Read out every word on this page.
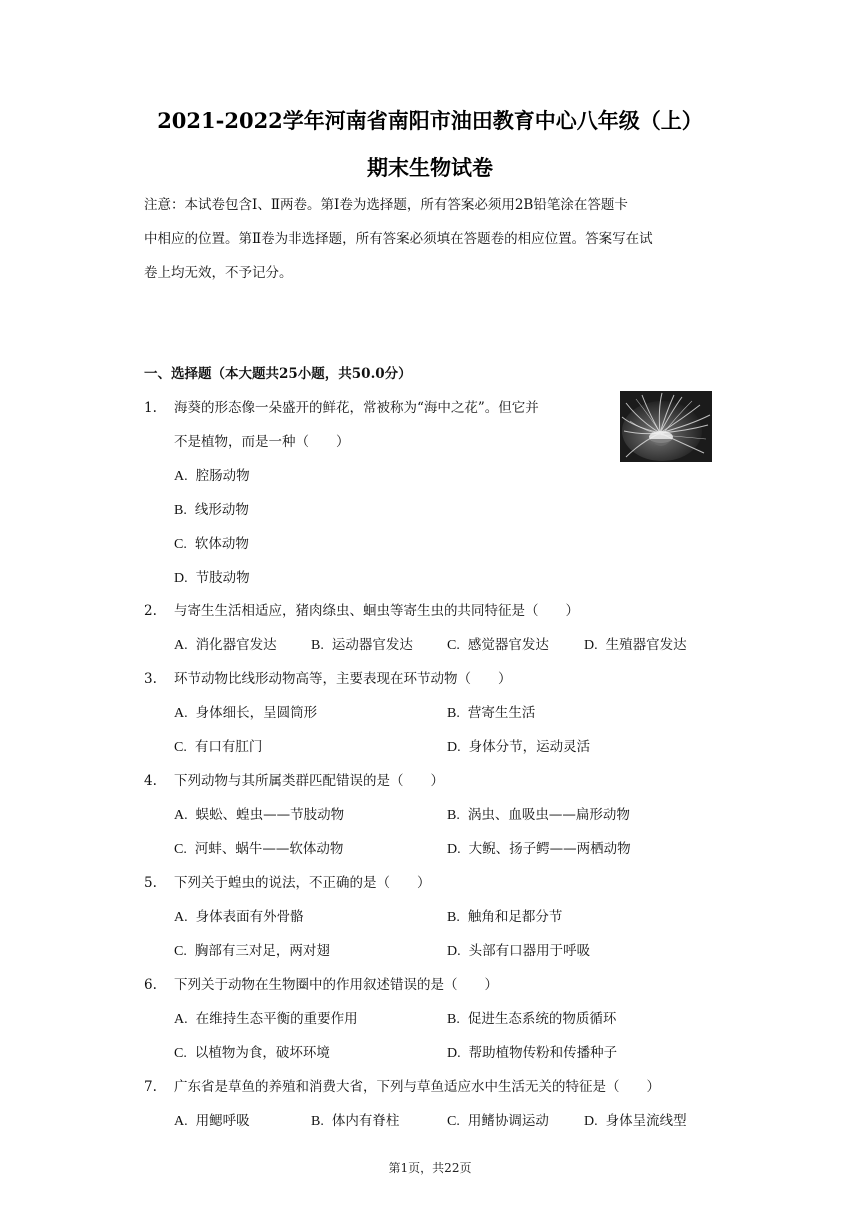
2021-2022学年河南省南阳市油田教育中心八年级（上）
期末生物试卷
注意：本试卷包含Ⅰ、Ⅱ两卷。第Ⅰ卷为选择题，所有答案必须用2B铅笔涂在答题卡
中相应的位置。第Ⅱ卷为非选择题，所有答案必须填在答题卷的相应位置。答案写在试
卷上均无效，不予记分。
一、选择题（本大题共25小题，共50.0分）
1. 海葵的形态像一朵盛开的鲜花，常被称为“海中之花”。但它并
不是植物，而是一种（　　）
A. 腔肠动物
B. 线形动物
C. 软体动物
D. 节肢动物
2. 与寄生生活相适应，猪肉绦虫、蛔虫等寄生虫的共同特征是（　　）
A. 消化器官发达 B. 运动器官发达 C. 感觉器官发达	D. 生殖器官发达
3. 环节动物比线形动物高等，主要表现在环节动物（　　）
A. 身体细长，呈圆筒形	B. 营寄生生活
C. 有口有肛门	D. 身体分节，运动灵活
4. 下列动物与其所属类群匹配错误的是（　　）
A. 蜈蚣、蝗虫——节肢动物	B. 涡虫、血吸虫——扁形动物
C. 河蚌、蜗牛——软体动物	D. 大鲵、扬子鳄——两栖动物
5. 下列关于蝗虫的说法，不正确的是（　　）
A. 身体表面有外骨骼	B. 触角和足都分节
C. 胸部有三对足，两对翅	D. 头部有口器用于呼吸
6. 下列关于动物在生物圈中的作用叙述错误的是（　　）
A. 在维持生态平衡的重要作用	B. 促进生态系统的物质循环
C. 以植物为食，破坏环境	D. 帮助植物传粉和传播种子
7. 广东省是草鱼的养殖和消费大省，下列与草鱼适应水中生活无关的特征是（　　）
A. 用鳃呼吸	B. 体内有脊柱	C. 用鳍协调运动	D. 身体呈流线型
第1页，共22页
